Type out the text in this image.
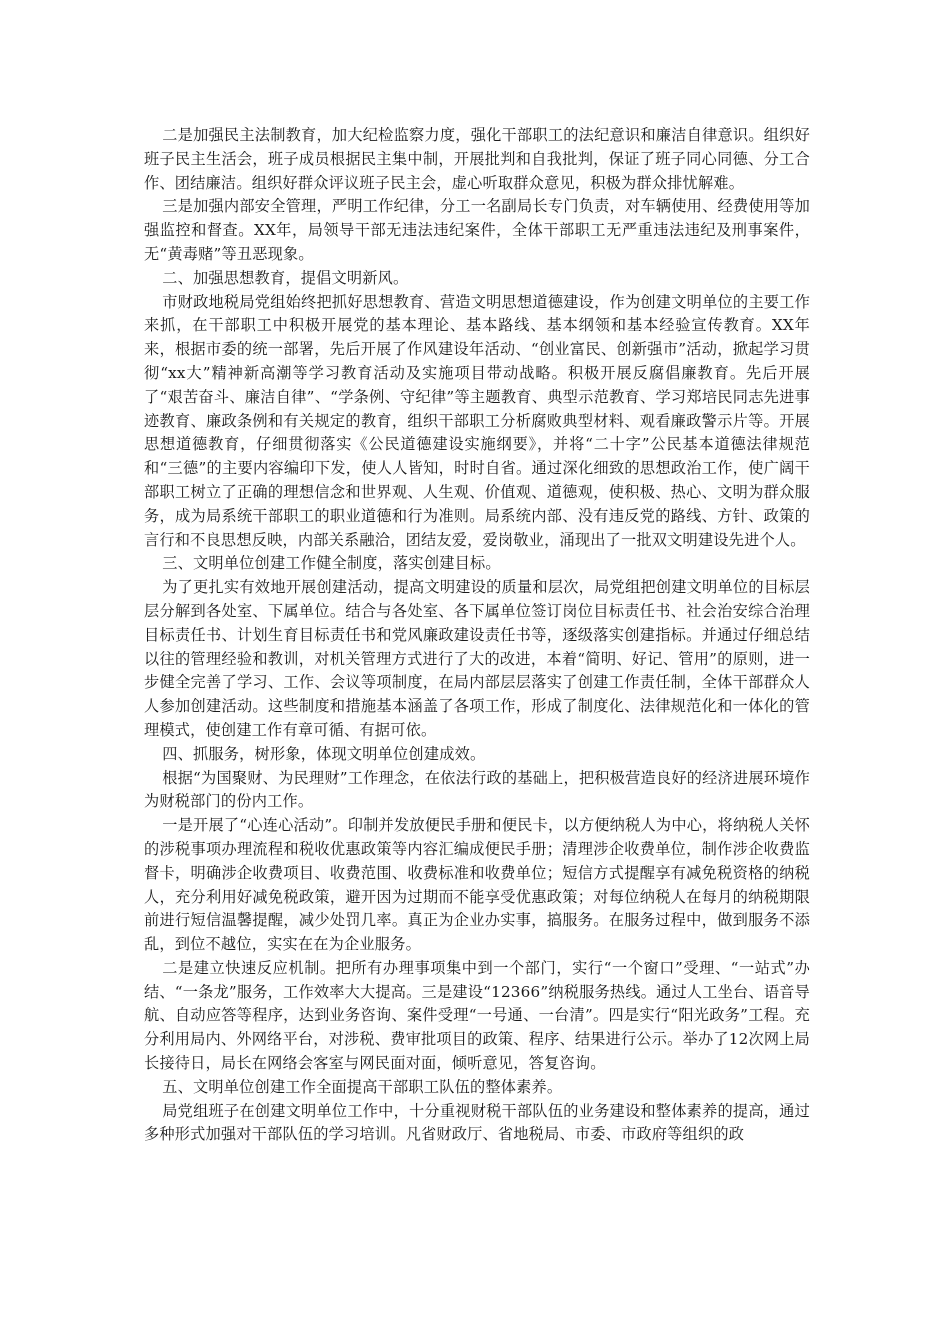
二是加强民主法制教育，加大纪检监察力度，强化干部职工的法纪意识和廉洁自律意识。组织好班子民主生活会，班子成员根据民主集中制，开展批判和自我批判，保证了班子同心同德、分工合作、团结廉洁。组织好群众评议班子民主会，虚心听取群众意见，积极为群众排忧解难。

三是加强内部安全管理，严明工作纪律，分工一名副局长专门负责，对车辆使用、经费使用等加强监控和督查。XX年，局领导干部无违法违纪案件，全体干部职工无严重违法违纪及刑事案件，无“黄毒赌”等丑恶现象。

二、加强思想教育，提倡文明新风。

市财政地税局党组始终把抓好思想教育、营造文明思想道德建设，作为创建文明单位的主要工作来抓，在干部职工中积极开展党的基本理论、基本路线、基本纲领和基本经验宣传教育。XX年来，根据市委的统一部署，先后开展了作风建设年活动、“创业富民、创新强市”活动，掀起学习贯彻“xx大”精神新高潮等学习教育活动及实施项目带动战略。积极开展反腐倡廉教育。先后开展了“艰苦奋斗、廉洁自律”、“学条例、守纪律”等主题教育、典型示范教育、学习郑培民同志先进事迹教育、廉政条例和有关规定的教育，组织干部职工分析腐败典型材料、观看廉政警示片等。开展思想道德教育，仔细贯彻落实《公民道德建设实施纲要》，并将“二十字”公民基本道德法律规范和“三德”的主要内容编印下发，使人人皆知，时时自省。通过深化细致的思想政治工作，使广阔干部职工树立了正确的理想信念和世界观、人生观、价值观、道德观，使积极、热心、文明为群众服务，成为局系统干部职工的职业道德和行为准则。局系统内部、没有违反党的路线、方针、政策的言行和不良思想反映，内部关系融洽，团结友爱，爱岗敬业，涌现出了一批双文明建设先进个人。

三、文明单位创建工作健全制度，落实创建目标。

为了更扎实有效地开展创建活动，提高文明建设的质量和层次，局党组把创建文明单位的目标层层分解到各处室、下属单位。结合与各处室、各下属单位签订岗位目标责任书、社会治安综合治理目标责任书、计划生育目标责任书和党风廉政建设责任书等，逐级落实创建指标。并通过仔细总结以往的管理经验和教训，对机关管理方式进行了大的改进，本着“简明、好记、管用”的原则，进一步健全完善了学习、工作、会议等项制度，在局内部层层落实了创建工作责任制，全体干部群众人人参加创建活动。这些制度和措施基本涵盖了各项工作，形成了制度化、法律规范化和一体化的管理模式，使创建工作有章可循、有据可依。

四、抓服务，树形象，体现文明单位创建成效。

根据“为国聚财、为民理财”工作理念，在依法行政的基础上，把积极营造良好的经济进展环境作为财税部门的份内工作。

一是开展了“心连心活动”。印制并发放便民手册和便民卡，以方便纳税人为中心，将纳税人关怀的涉税事项办理流程和税收优惠政策等内容汇编成便民手册；清理涉企收费单位，制作涉企收费监督卡，明确涉企收费项目、收费范围、收费标准和收费单位；短信方式提醒享有减免税资格的纳税人，充分利用好减免税政策，避开因为过期而不能享受优惠政策；对每位纳税人在每月的纳税期限前进行短信温馨提醒，减少处罚几率。真正为企业办实事，搞服务。在服务过程中，做到服务不添乱，到位不越位，实实在在为企业服务。

二是建立快速反应机制。把所有办理事项集中到一个部门，实行“一个窗口”受理、“一站式”办结、“一条龙”服务，工作效率大大提高。三是建设“12366”纳税服务热线。通过人工坐台、语音导航、自动应答等程序，达到业务咨询、案件受理“一号通、一台清”。四是实行“阳光政务”工程。充分利用局内、外网络平台，对涉税、费审批项目的政策、程序、结果进行公示。举办了12次网上局长接待日，局长在网络会客室与网民面对面，倾听意见，答复咨询。

五、文明单位创建工作全面提高干部职工队伍的整体素养。

局党组班子在创建文明单位工作中，十分重视财税干部队伍的业务建设和整体素养的提高，通过多种形式加强对干部队伍的学习培训。凡省财政厅、省地税局、市委、市政府等组织的政
